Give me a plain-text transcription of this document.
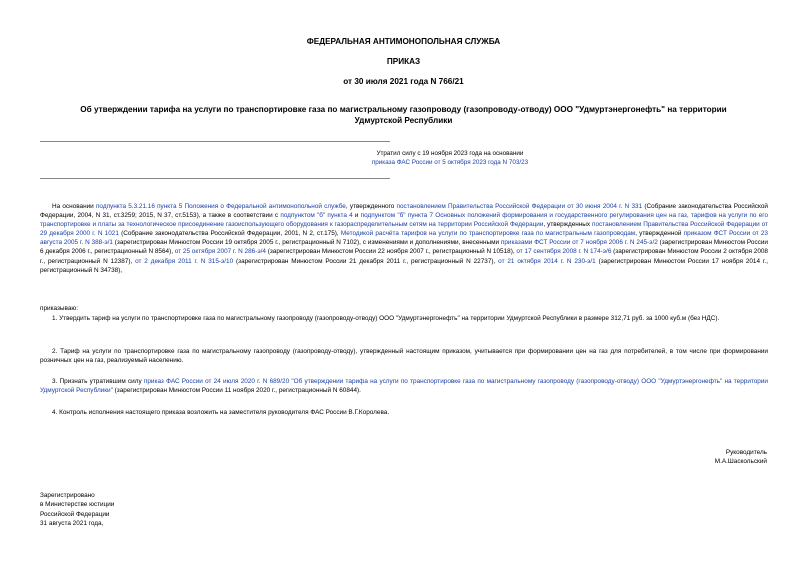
ФЕДЕРАЛЬНАЯ АНТИМОНОПОЛЬНАЯ СЛУЖБА
ПРИКАЗ
от 30 июля 2021 года N 766/21
Об утверждении тарифа на услуги по транспортировке газа по магистральному газопроводу (газопроводу-отводу) ООО "Удмуртэнергонефть" на территории
Удмуртской Республики
Утратил силу с 19 ноября 2023 года на основании
приказа ФАС России от 5 октября 2023 года N 703/23
На основании подпункта 5.3.21.16 пункта 5 Положения о Федеральной антимонопольной службе, утвержденного постановлением Правительства Российской Федерации от 30 июня 2004 г. N 331 (Собрание законодательства Российской Федерации, 2004, N 31, ст.3259; 2015, N 37, ст.5153), а также в соответствии с подпунктом "б" пункта 4 и подпунктом "б" пункта 7 Основных положений формирования и государственного регулирования цен на газ, тарифов на услуги по его транспортировке и платы за технологическое присоединение газоиспользующего оборудования к газораспределительным сетям на территории Российской Федерации, утвержденных постановлением Правительства Российской Федерации от 29 декабря 2000 г. N 1021 (Собрание законодательства Российской Федерации, 2001, N 2, ст.175), Методикой расчёта тарифов на услуги по транспортировке газа по магистральным газопроводам, утвержденной приказом ФСТ России от 23 августа 2005 г. N 388-э/1 (зарегистрирован Минюстом России 19 октября 2005 г., регистрационный N 7102), с изменениями и дополнениями, внесенными приказами ФСТ России от 7 ноября 2006 г. N 245-э/2 (зарегистрирован Минюстом России 6 декабря 2006 г., регистрационный N 8564), от 25 октября 2007 г. N 286-э/4 (зарегистрирован Минюстом России 22 ноября 2007 г., регистрационный N 10518), от 17 сентября 2008 г. N 174-э/6 (зарегистрирован Минюстом России 2 октября 2008 г., регистрационный N 12387), от 2 декабря 2011 г. N 315-э/10 (зарегистрирован Минюстом России 21 декабря 2011 г., регистрационный N 22737), от 21 октября 2014 г. N 230-э/1 (зарегистрирован Минюстом России 17 ноября 2014 г., регистрационный N 34738),
приказываю:
1. Утвердить тариф на услуги по транспортировке газа по магистральному газопроводу (газопроводу-отводу) ООО "Удмуртэнергонефть" на территории Удмуртской Республики в размере 312,71 руб. за 1000 куб.м (без НДС).
2. Тариф на услуги по транспортировке газа по магистральному газопроводу (газопроводу-отводу), утвержденный настоящим приказом, учитывается при формировании цен на газ для потребителей, в том числе при формировании розничных цен на газ, реализуемый населению.
3. Признать утратившим силу приказ ФАС России от 24 июля 2020 г. N 689/20 "Об утверждении тарифа на услуги по транспортировке газа по магистральному газопроводу (газопроводу-отводу) ООО "Удмуртэнергонефть" на территории Удмуртской Республики" (зарегистрирован Минюстом России 11 ноября 2020 г., регистрационный N 60844).
4. Контроль исполнения настоящего приказа возложить на заместителя руководителя ФАС России В.Г.Королева.
Руководитель
М.А.Шаскольский
Зарегистрировано
в Министерстве юстиции
Российской Федерации
31 августа 2021 года,
